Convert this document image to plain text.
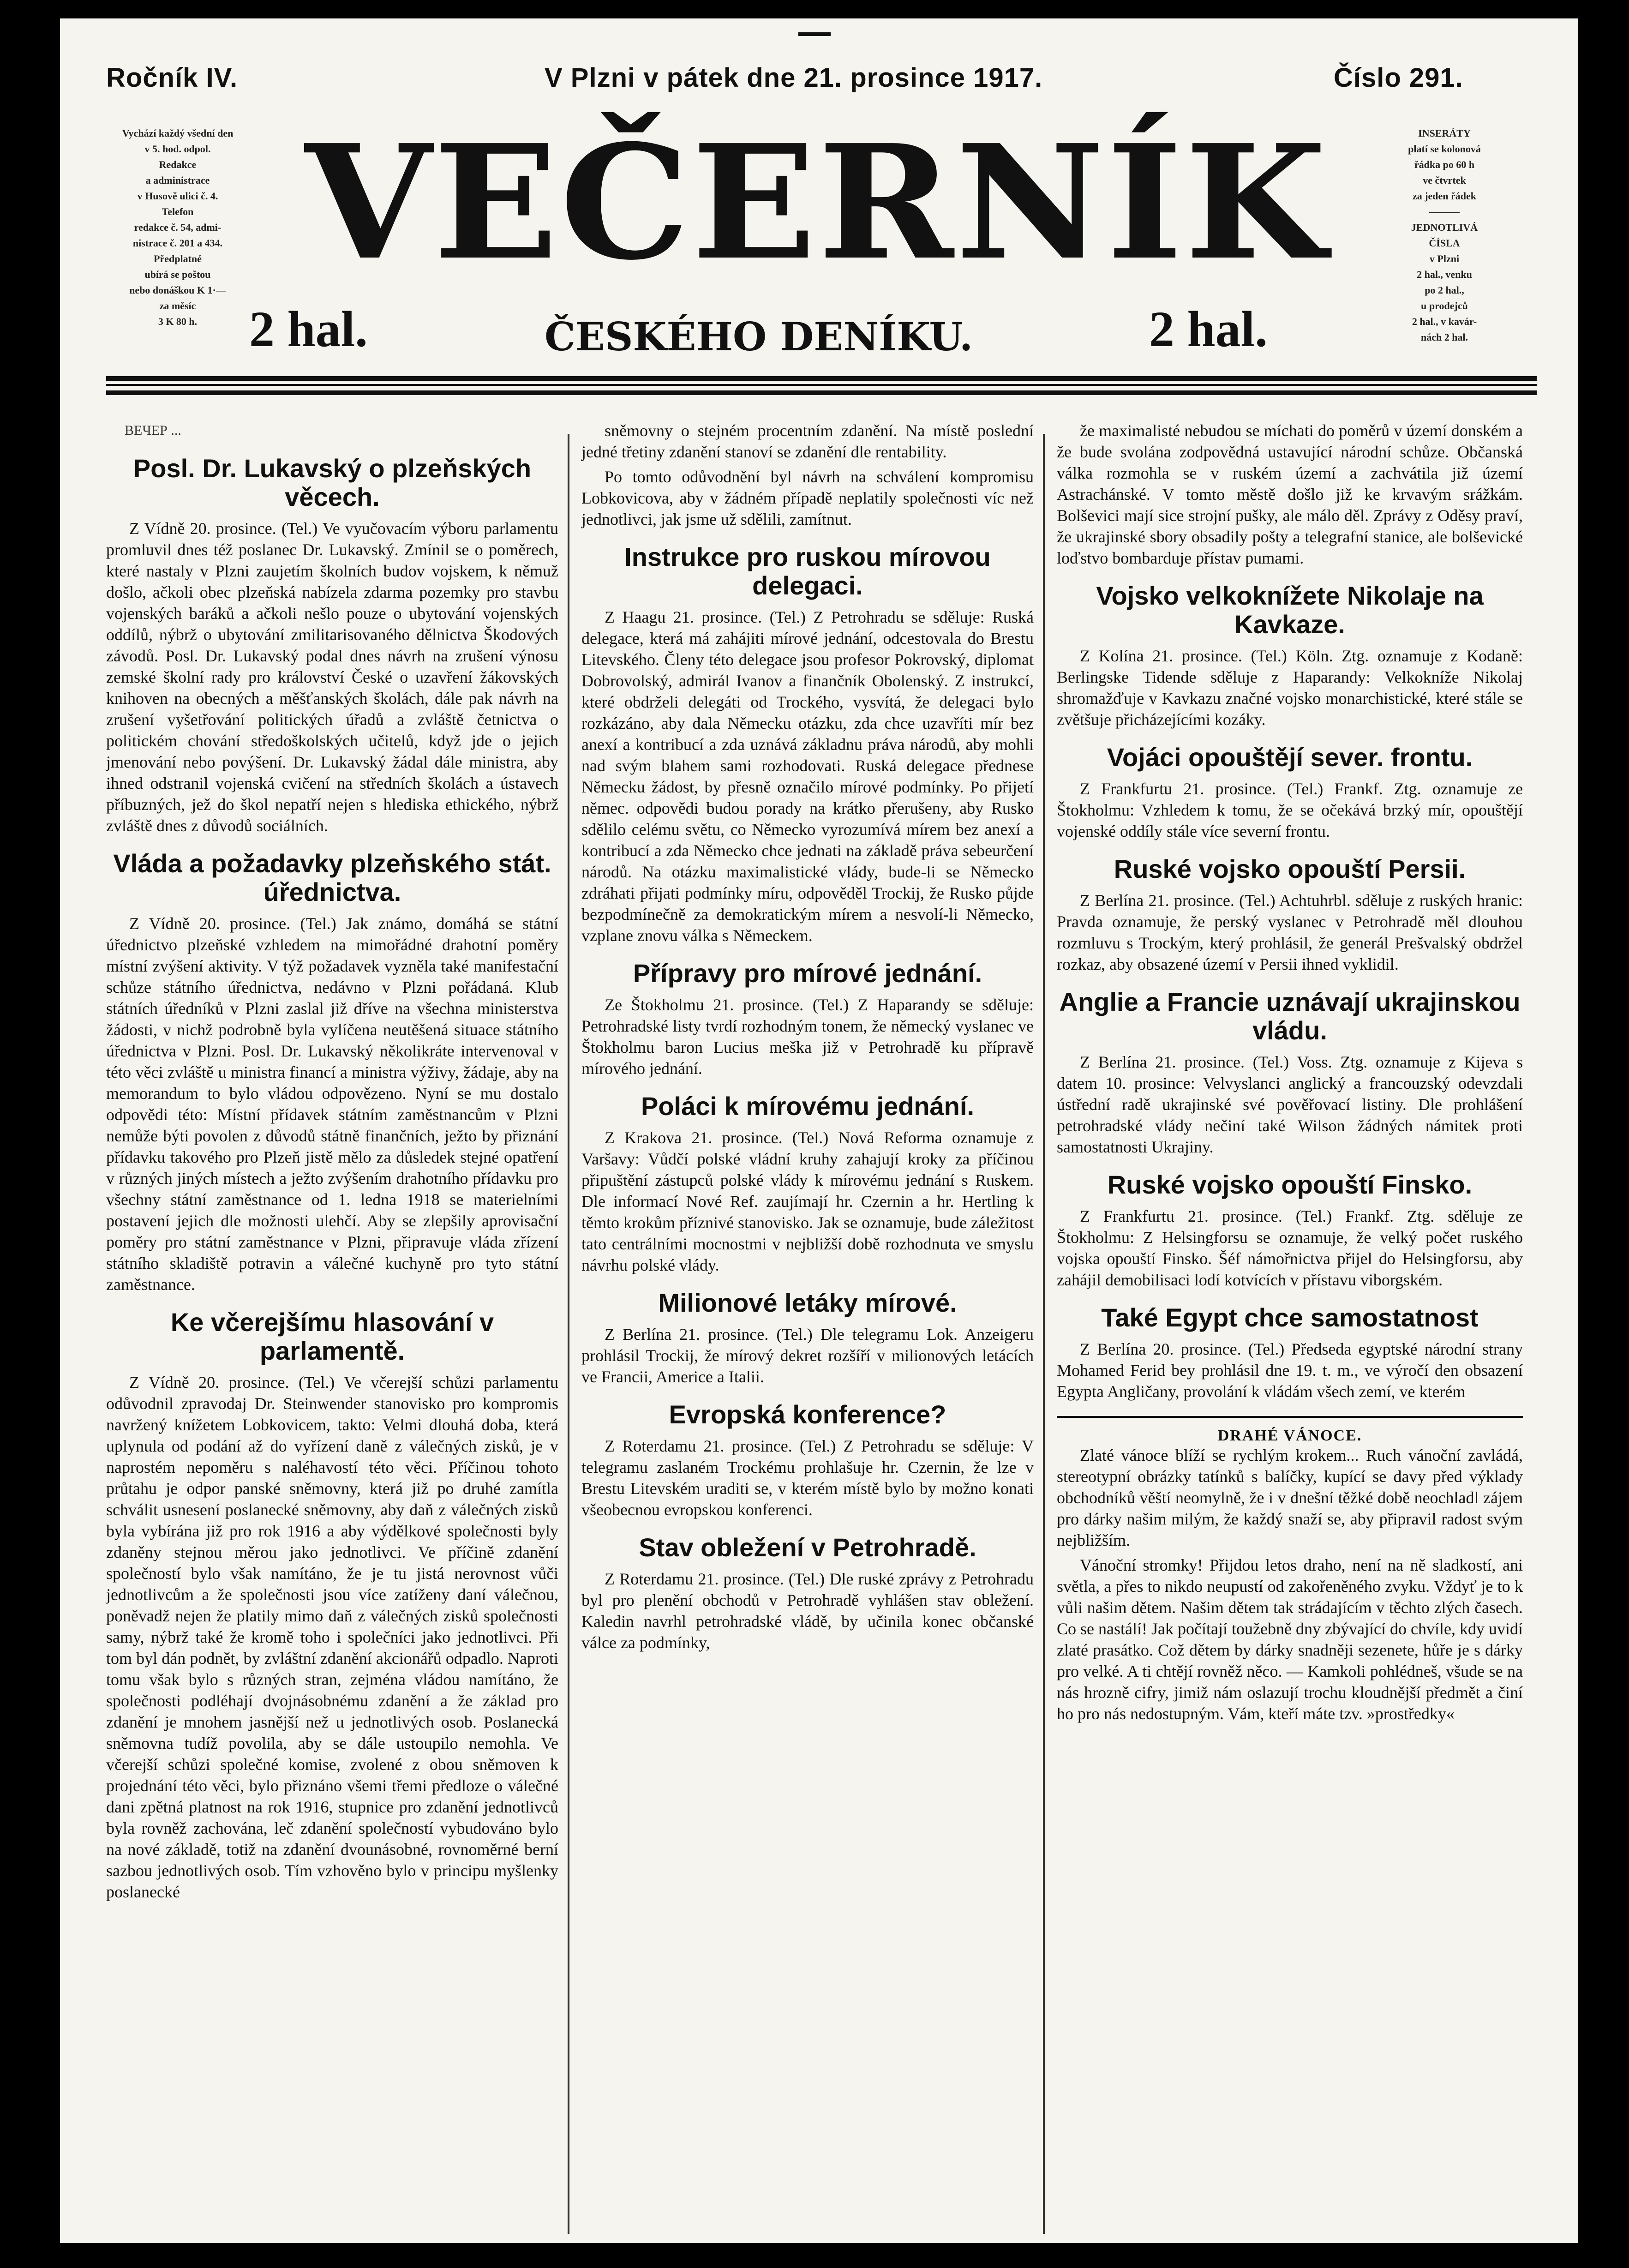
Ročník IV.	V Plzni v pátek dne 21. prosince 1917.	Číslo 291.

Vychází každý všední den

v 5. hod. odpol.

Redakce

a administrace

v Husově ulici č. 4.

Telefon

redakce č. 54, admi-

nistrace č. 201 a 434.

Předplatné

ubírá se poštou

nebo donáškou K 1·—

za měsíc

3 K 80 h.

INSERÁTY

platí se kolonová

řádka po 60 h

ve čtvrtek

za jeden řádek

———

JEDNOTLIVÁ

ČÍSLA

v Plzni

2 hal., venku

po 2 hal.,

u prodejců

2 hal., v kavár-

nách 2 hal.

VEČERNÍK
2 hal.	ČESKÉHO DENÍKU.	2 hal.

ВЕЧЕР ...

Posl. Dr. Lukavský o plzeňských věcech.

Z Vídně 20. prosince. (Tel.) Ve vyučovacím výboru parlamentu promluvil dnes též poslanec Dr. Lukavský. Zmínil se o poměrech, které nastaly v Plzni zaujetím školních budov vojskem, k němuž došlo, ačkoli obec plzeňská nabízela zdarma pozemky pro stavbu vojenských baráků a ačkoli nešlo pouze o ubytování vojenských oddílů, nýbrž o ubytování zmilitarisovaného dělnictva Škodových závodů. Posl. Dr. Lukavský podal dnes návrh na zrušení výnosu zemské školní rady pro království České o uzavření žákovských knihoven na obecných a měšťanských školách, dále pak návrh na zrušení vyšetřování politických úřadů a zvláště četnictva o politickém chování středoškolských učitelů, když jde o jejich jmenování nebo povýšení. Dr. Lukavský žádal dále ministra, aby ihned odstranil vojenská cvičení na středních školách a ústavech příbuzných, jež do škol nepatří nejen s hlediska ethického, nýbrž zvláště dnes z důvodů sociálních.

Vláda a požadavky plzeňského stát. úřednictva.

Z Vídně 20. prosince. (Tel.) Jak známo, domáhá se státní úřednictvo plzeňské vzhledem na mimořádné drahotní poměry místní zvýšení aktivity. V týž požadavek vyzněla také manifestační schůze státního úřednictva, nedávno v Plzni pořádaná. Klub státních úředníků v Plzni zaslal již dříve na všechna ministerstva žádosti, v nichž podrobně byla vylíčena neutěšená situace státního úřednictva v Plzni. Posl. Dr. Lukavský několikráte intervenoval v této věci zvláště u ministra financí a ministra výživy, žádaje, aby na memorandum to bylo vládou odpovězeno. Nyní se mu dostalo odpovědi této: Místní přídavek státním zaměstnancům v Plzni nemůže býti povolen z důvodů státně finančních, ježto by přiznání přídavku takového pro Plzeň jistě mělo za důsledek stejné opatření v různých jiných místech a ježto zvýšením drahotního přídavku pro všechny státní zaměstnance od 1. ledna 1918 se materielními postavení jejich dle možnosti ulehčí. Aby se zlepšily aprovisační poměry pro státní zaměstnance v Plzni, připravuje vláda zřízení státního skladiště potravin a válečné kuchyně pro tyto státní zaměstnance.

Ke včerejšímu hlasování v parlamentě.

Z Vídně 20. prosince. (Tel.) Ve včerejší schůzi parlamentu odůvodnil zpravodaj Dr. Steinwender stanovisko pro kompromis navržený knížetem Lobkovicem, takto: Velmi dlouhá doba, která uplynula od podání až do vyřízení daně z válečných zisků, je v naprostém nepoměru s naléhavostí této věci. Příčinou tohoto průtahu je odpor panské sněmovny, která již po druhé zamítla schválit usnesení poslanecké sněmovny, aby daň z válečných zisků byla vybírána již pro rok 1916 a aby výdělkové společnosti byly zdaněny stejnou měrou jako jednotlivci. Ve příčině zdanění společností bylo však namítáno, že je tu jistá nerovnost vůči jednotlivcům a že společnosti jsou více zatíženy daní válečnou, poněvadž nejen že platily mimo daň z válečných zisků společnosti samy, nýbrž také že kromě toho i společníci jako jednotlivci. Při tom byl dán podnět, by zvláštní zdanění akcionářů odpadlo. Naproti tomu však bylo s různých stran, zejména vládou namítáno, že společnosti podléhají dvojnásobnému zdanění a že základ pro zdanění je mnohem jasnější než u jednotlivých osob. Poslanecká sněmovna tudíž povolila, aby se dále ustoupilo nemohla. Ve včerejší schůzi společné komise, zvolené z obou sněmoven k projednání této věci, bylo přiznáno všemi třemi předloze o válečné dani zpětná platnost na rok 1916, stupnice pro zdanění jednotlivců byla rovněž zachována, leč zdanění společností vybudováno bylo na nové základě, totiž na zdanění dvounásobné, rovnoměrné berní sazbou jednotlivých osob. Tím vzhověno bylo v principu myšlenky poslanecké

sněmovny o stejném procentním zdanění. Na místě poslední jedné třetiny zdanění stanoví se zdanění dle rentability.

Po tomto odůvodnění byl návrh na schválení kompromisu Lobkovicova, aby v žádném případě neplatily společnosti víc než jednotlivci, jak jsme už sdělili, zamítnut.

Instrukce pro ruskou mírovou delegaci.

Z Haagu 21. prosince. (Tel.) Z Petrohradu se sděluje: Ruská delegace, která má zahájiti mírové jednání, odcestovala do Brestu Litevského. Členy této delegace jsou profesor Pokrovský, diplomat Dobrovolský, admirál Ivanov a finančník Obolenský. Z instrukcí, které obdrželi delegáti od Trockého, vysvítá, že delegaci bylo rozkázáno, aby dala Německu otázku, zda chce uzavříti mír bez anexí a kontribucí a zda uznává základnu práva národů, aby mohli nad svým blahem sami rozhodovati. Ruská delegace přednese Německu žádost, by přesně označilo mírové podmínky. Po přijetí němec. odpovědi budou porady na krátko přerušeny, aby Rusko sdělilo celému světu, co Německo vyrozumívá mírem bez anexí a kontribucí a zda Německo chce jednati na základě práva sebeurčení národů. Na otázku maximalistické vlády, bude-li se Německo zdráhati přijati podmínky míru, odpověděl Trockij, že Rusko půjde bezpodmínečně za demokratickým mírem a nesvolí-li Německo, vzplane znovu válka s Německem.

Přípravy pro mírové jednání.

Ze Štokholmu 21. prosince. (Tel.) Z Haparandy se sděluje: Petrohradské listy tvrdí rozhodným tonem, že německý vyslanec ve Štokholmu baron Lucius meška již v Petrohradě ku přípravě mírového jednání.

Poláci k mírovému jednání.

Z Krakova 21. prosince. (Tel.) Nová Reforma oznamuje z Varšavy: Vůdčí polské vládní kruhy zahajují kroky za příčinou připuštění zástupců polské vlády k mírovému jednání s Ruskem. Dle informací Nové Ref. zaujímají hr. Czernin a hr. Hertling k těmto krokům příznivé stanovisko. Jak se oznamuje, bude záležitost tato centrálními mocnostmi v nejbližší době rozhodnuta ve smyslu návrhu polské vlády.

Milionové letáky mírové.

Z Berlína 21. prosince. (Tel.) Dle telegramu Lok. Anzeigeru prohlásil Trockij, že mírový dekret rozšíří v milionových letácích ve Francii, Americe a Italii.

Evropská konference?

Z Roterdamu 21. prosince. (Tel.) Z Petrohradu se sděluje: V telegramu zaslaném Trockému prohlašuje hr. Czernin, že lze v Brestu Litevském uraditi se, v kterém místě bylo by možno konati všeobecnou evropskou konferenci.

Stav obležení v Petrohradě.

Z Roterdamu 21. prosince. (Tel.) Dle ruské zprávy z Petrohradu byl pro plenění obchodů v Petrohradě vyhlášen stav obležení. Kaledin navrhl petrohradské vládě, by učinila konec občanské válce za podmínky,

že maximalisté nebudou se míchati do poměrů v území donském a že bude svolána zodpovědná ustavující národní schůze. Občanská válka rozmohla se v ruském území a zachvátila již území Astrachánské. V tomto městě došlo již ke krvavým srážkám. Bolševici mají sice strojní pušky, ale málo děl. Zprávy z Oděsy praví, že ukrajinské sbory obsadily pošty a telegrafní stanice, ale bolševické loďstvo bombarduje přístav pumami.

Vojsko velkoknížete Nikolaje na Kavkaze.

Z Kolína 21. prosince. (Tel.) Köln. Ztg. oznamuje z Kodaně: Berlingske Tidende sděluje z Haparandy: Velkokníže Nikolaj shromažďuje v Kavkazu značné vojsko monarchistické, které stále se zvětšuje přicházejícími kozáky.

Vojáci opouštějí sever. frontu.

Z Frankfurtu 21. prosince. (Tel.) Frankf. Ztg. oznamuje ze Štokholmu: Vzhledem k tomu, že se očekává brzký mír, opouštějí vojenské oddíly stále více severní frontu.

Ruské vojsko opouští Persii.

Z Berlína 21. prosince. (Tel.) Achtuhrbl. sděluje z ruských hranic: Pravda oznamuje, že perský vyslanec v Petrohradě měl dlouhou rozmluvu s Trockým, který prohlásil, že generál Prešvalský obdržel rozkaz, aby obsazené území v Persii ihned vyklidil.

Anglie a Francie uznávají ukrajinskou vládu.

Z Berlína 21. prosince. (Tel.) Voss. Ztg. oznamuje z Kijeva s datem 10. prosince: Velvyslanci anglický a francouzský odevzdali ústřední radě ukrajinské své pověřovací listiny. Dle prohlášení petrohradské vlády nečiní také Wilson žádných námitek proti samostatnosti Ukrajiny.

Ruské vojsko opouští Finsko.

Z Frankfurtu 21. prosince. (Tel.) Frankf. Ztg. sděluje ze Štokholmu: Z Helsingforsu se oznamuje, že velký počet ruského vojska opouští Finsko. Šéf námořnictva přijel do Helsingforsu, aby zahájil demobilisaci lodí kotvících v přístavu viborgském.

Také Egypt chce samostatnost

Z Berlína 20. prosince. (Tel.) Předseda egyptské národní strany Mohamed Ferid bey prohlásil dne 19. t. m., ve výročí den obsazení Egypta Angličany, provolání k vládám všech zemí, ve kterém

DRAHÉ VÁNOCE.

Zlaté vánoce blíží se rychlým krokem... Ruch vánoční zavládá, stereotypní obrázky tatínků s balíčky, kupící se davy před výklady obchodníků věští neomylně, že i v dnešní těžké době neochladl zájem pro dárky našim milým, že každý snaží se, aby připravil radost svým nejbližším.

Vánoční stromky! Přijdou letos draho, není na ně sladkostí, ani světla, a přes to nikdo neupustí od zakořeněného zvyku. Vždyť je to k vůli našim dětem. Našim dětem tak strádajícím v těchto zlých časech. Co se nastálí! Jak počítají toužebně dny zbývající do chvíle, kdy uvidí zlaté prasátko. Což dětem by dárky snadněji sezenete, hůře je s dárky pro velké. A ti chtějí rovněž něco. — Kamkoli pohlédneš, všude se na nás hrozně cifry, jimiž nám oslazují trochu kloudnější předmět a činí ho pro nás nedostupným. Vám, kteří máte tzv. »prostředky«
